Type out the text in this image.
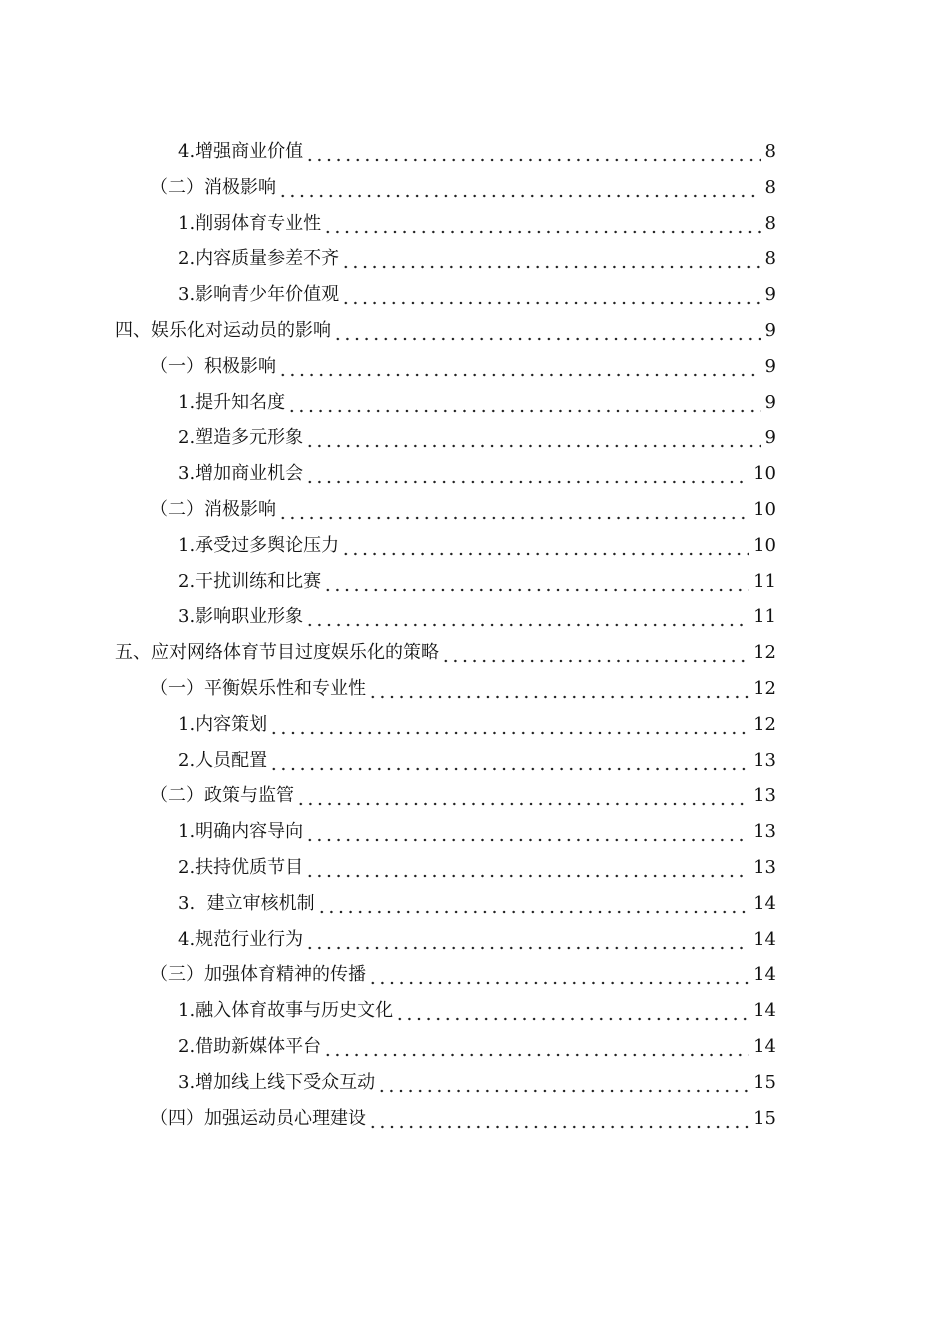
4.增强商业价值	8
（二）消极影响	8
1.削弱体育专业性	8
2.内容质量参差不齐	8
3.影响青少年价值观	9
四、娱乐化对运动员的影响	9
（一）积极影响	9
1.提升知名度	9
2.塑造多元形象	9
3.增加商业机会	10
（二）消极影响	10
1.承受过多舆论压力	10
2.干扰训练和比赛	11
3.影响职业形象	11
五、应对网络体育节目过度娱乐化的策略	12
（一）平衡娱乐性和专业性	12
1.内容策划	12
2.人员配置	13
（二）政策与监管	13
1.明确内容导向	13
2.扶持优质节目	13
3.  建立审核机制	14
4.规范行业行为	14
（三）加强体育精神的传播	14
1.融入体育故事与历史文化	14
2.借助新媒体平台	14
3.增加线上线下受众互动	15
（四）加强运动员心理建设	15
